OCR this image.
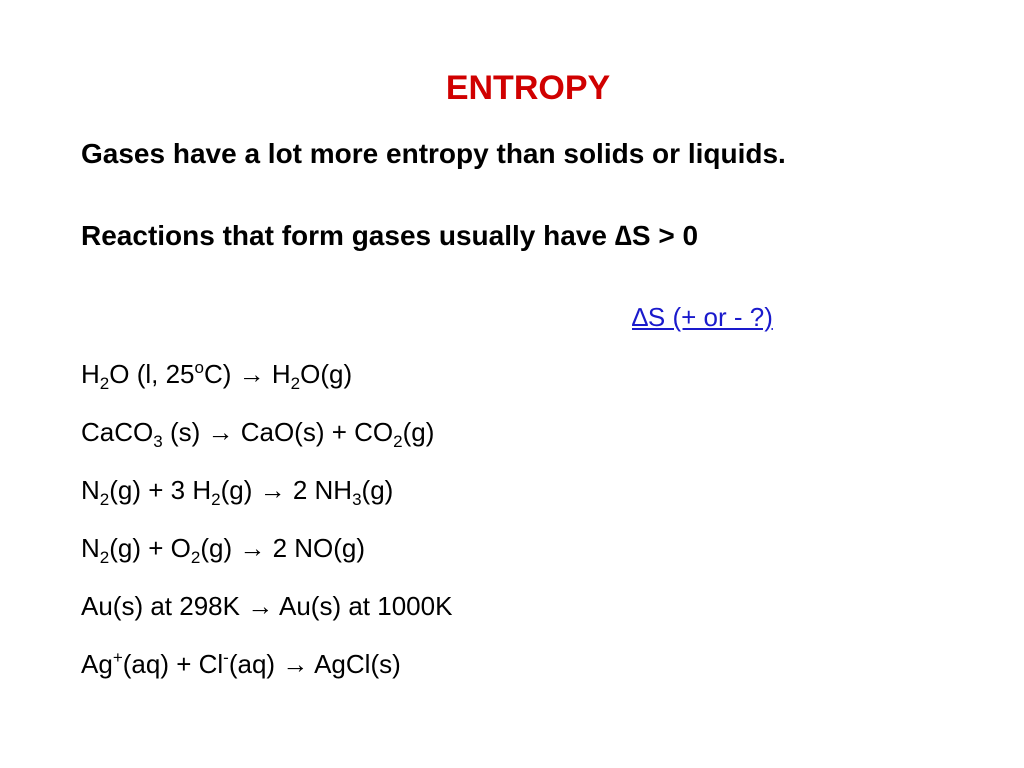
ENTROPY
Gases have a lot more entropy than solids or liquids.
Reactions that form gases usually have ∆S > 0
∆S (+ or - ?)
$H_2O$ (l, $25^oC) \to H_2O(g)$
CaCO$_3$ $(s) \to CaO(s) + CO_2(g)$
$N_2(g) + 3$ $H_2(g) \to 2$ $NH_3(g)$
$N_2(g) + O_2(g) \to 2$ NO(g)
Au(s) at 298K → Au(s) at 1000K
Ag+(aq) + Cl-(aq) → AgCl(s)
